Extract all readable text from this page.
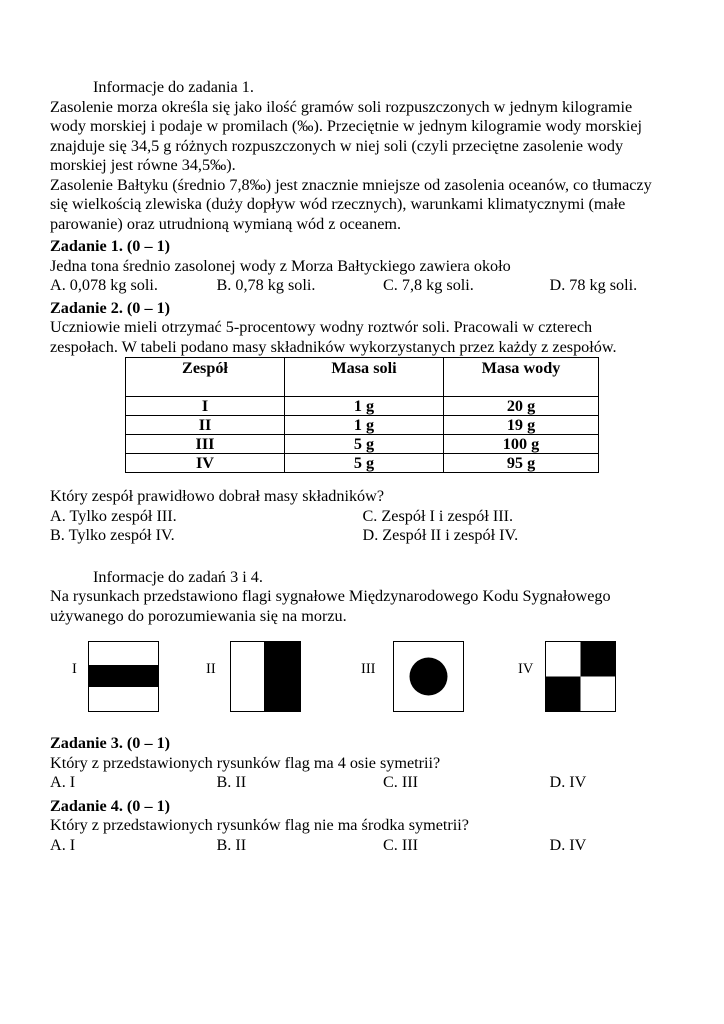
Informacje do zadania 1.

Zasolenie morza określa się jako ilość gramów soli rozpuszczonych w jednym kilogramie

wody morskiej i podaje w promilach (‰). Przeciętnie w jednym kilogramie wody morskiej

znajduje się 34,5 g różnych rozpuszczonych w niej soli (czyli przeciętne zasolenie wody

morskiej jest równe 34,5‰).

Zasolenie Bałtyku (średnio 7,8‰) jest znacznie mniejsze od zasolenia oceanów, co tłumaczy

się wielkością zlewiska (duży dopływ wód rzecznych), warunkami klimatycznymi (małe

parowanie) oraz utrudnioną wymianą wód z oceanem.

Zadanie 1. (0 – 1)

Jedna tona średnio zasolonej wody z Morza Bałtyckiego zawiera około

A. 0,078 kg soli.	B. 0,78 kg soli.	C. 7,8 kg soli.	D. 78 kg soli.

Zadanie 2. (0 – 1)

Uczniowie mieli otrzymać 5-procentowy wodny roztwór soli. Pracowali w czterech

zespołach. W tabeli podano masy składników wykorzystanych przez każdy z zespołów.

Zespół	Masa soli	Masa wody
I	1 g	20 g
II	1 g	19 g
III	5 g	100 g
IV	5 g	95 g

Który zespół prawidłowo dobrał masy składników?

A. Tylko zespół III.	C. Zespół I i zespół III.
B. Tylko zespół IV.	D. Zespół II i zespół IV.

Informacje do zadań 3 i 4.

Na rysunkach przedstawiono flagi sygnałowe Międzynarodowego Kodu Sygnałowego

używanego do porozumiewania się na morzu.

I	II	III	IV

Zadanie 3. (0 – 1)

Który z przedstawionych rysunków flag ma 4 osie symetrii?

A. I	B. II	C. III	D. IV

Zadanie 4. (0 – 1)

Który z przedstawionych rysunków flag nie ma środka symetrii?

A. I	B. II	C. III	D. IV
